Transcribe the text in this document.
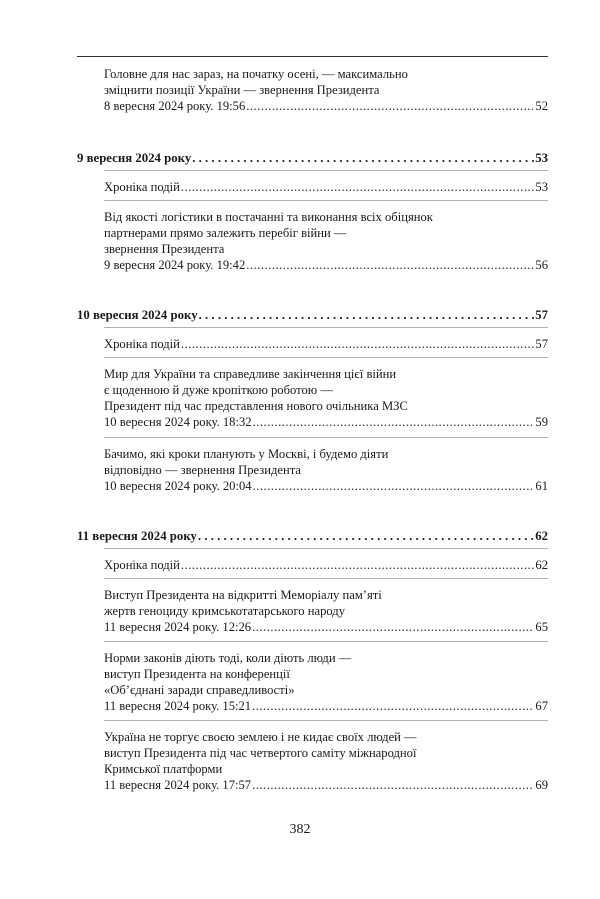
Головне для нас зараз, на початку осені, — максимально
зміцнити позиції України — звернення Президента
8 вересня 2024 року. 19:56 .....	52
9 вересня 2024 року . . .	53
Хроніка подій .....	53
Від якості логістики в постачанні та виконання всіх обіцянок
партнерами прямо залежить перебіг війни —
звернення Президента
9 вересня 2024 року. 19:42 .....	56
10 вересня 2024 року . . .	57
Хроніка подій .....	57
Мир для України та справедливе закінчення цієї війни
є щоденною й дуже кропіткою роботою —
Президент під час представлення нового очільника МЗС
10 вересня 2024 року. 18:32 .....	59
Бачимо, які кроки планують у Москві, і будемо діяти
відповідно — звернення Президента
10 вересня 2024 року. 20:04 .....	61
11 вересня 2024 року . . .	62
Хроніка подій .....	62
Виступ Президента на відкритті Меморіалу пам’яті
жертв геноциду кримськотатарського народу
11 вересня 2024 року. 12:26 .....	65
Норми законів діють тоді, коли діють люди —
виступ Президента на конференції
«Об’єднані заради справедливості»
11 вересня 2024 року. 15:21 .....	67
Україна не торгує своєю землею і не кидає своїх людей —
виступ Президента під час четвертого саміту міжнародної
Кримської платформи
11 вересня 2024 року. 17:57 .....	69
382
